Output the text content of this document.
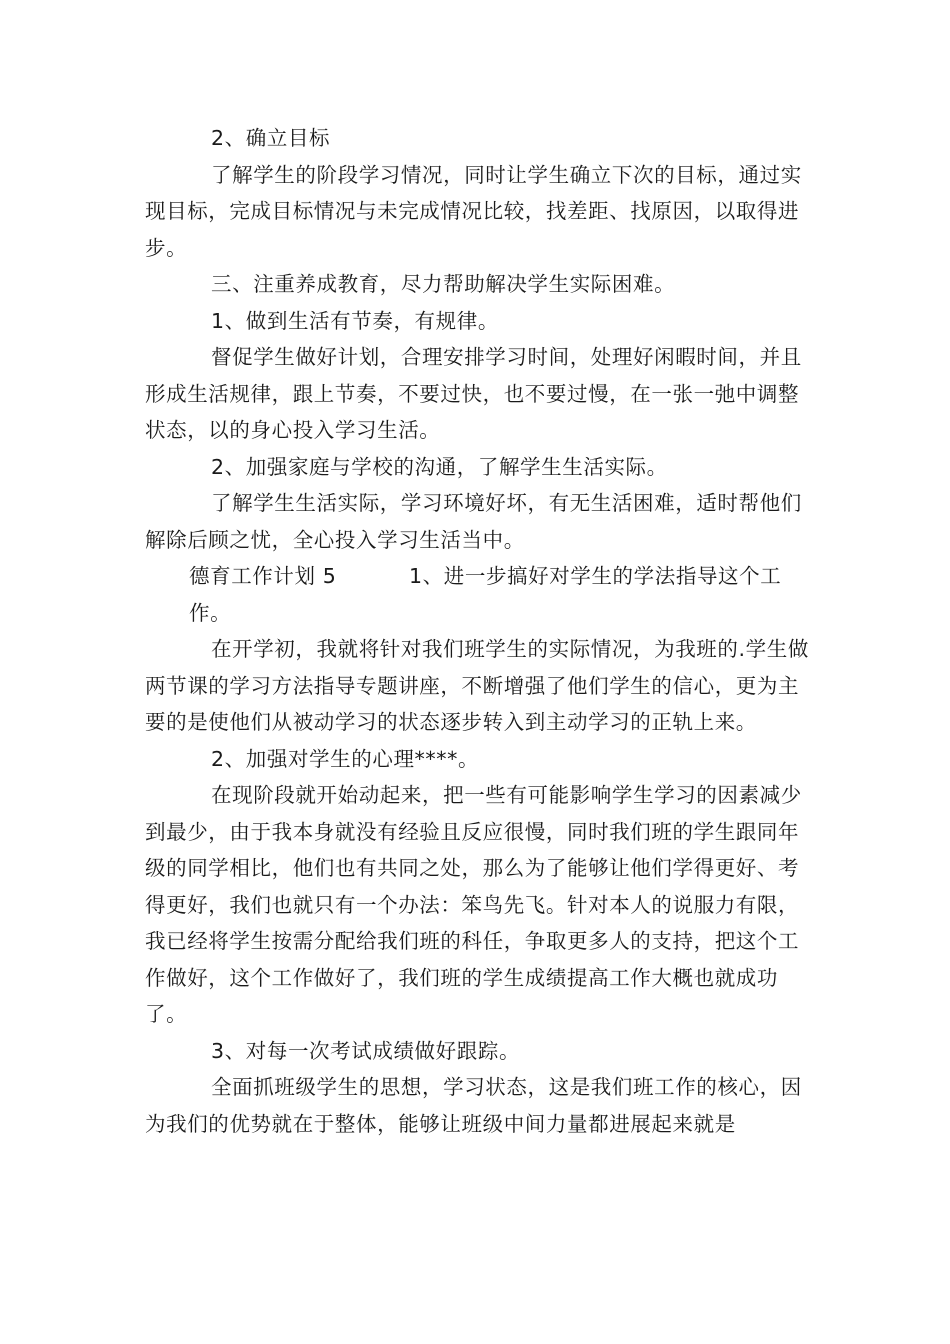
2、确立目标

了解学生的阶段学习情况，同时让学生确立下次的目标，通过实现目标，完成目标情况与未完成情况比较，找差距、找原因，以取得进步。

三、注重养成教育，尽力帮助解决学生实际困难。

1、做到生活有节奏，有规律。

督促学生做好计划，合理安排学习时间，处理好闲暇时间，并且形成生活规律，跟上节奏，不要过快，也不要过慢，在一张一弛中调整状态，以的身心投入学习生活。

2、加强家庭与学校的沟通，了解学生生活实际。

了解学生生活实际，学习环境好坏，有无生活困难，适时帮他们解除后顾之忧，全心投入学习生活当中。

德育工作计划 5	1、进一步搞好对学生的学法指导这个工作。

在开学初，我就将针对我们班学生的实际情况，为我班的.学生做两节课的学习方法指导专题讲座，不断增强了他们学生的信心，更为主要的是使他们从被动学习的状态逐步转入到主动学习的正轨上来。

2、加强对学生的心理****。

在现阶段就开始动起来，把一些有可能影响学生学习的因素减少到最少，由于我本身就没有经验且反应很慢，同时我们班的学生跟同年级的同学相比，他们也有共同之处，那么为了能够让他们学得更好、考得更好，我们也就只有一个办法：笨鸟先飞。针对本人的说服力有限，我已经将学生按需分配给我们班的科任，争取更多人的支持，把这个工作做好，这个工作做好了，我们班的学生成绩提高工作大概也就成功了。

3、对每一次考试成绩做好跟踪。

全面抓班级学生的思想，学习状态，这是我们班工作的核心，因为我们的优势就在于整体，能够让班级中间力量都进展起来就是
